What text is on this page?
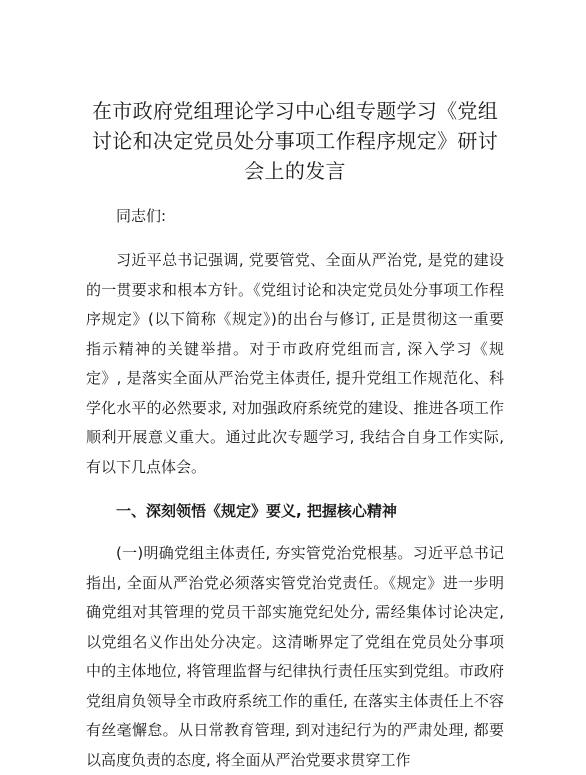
在市政府党组理论学习中心组专题学习《党组讨论和决定党员处分事项工作程序规定》研讨会上的发言

同志们:

习近平总书记强调, 党要管党、全面从严治党, 是党的建设的一贯要求和根本方针。《党组讨论和决定党员处分事项工作程序规定》(以下简称《规定》)的出台与修订, 正是贯彻这一重要指示精神的关键举措。对于市政府党组而言, 深入学习《规定》, 是落实全面从严治党主体责任, 提升党组工作规范化、科学化水平的必然要求, 对加强政府系统党的建设、推进各项工作顺利开展意义重大。通过此次专题学习, 我结合自身工作实际, 有以下几点体会。

一、深刻领悟《规定》要义, 把握核心精神

(一)明确党组主体责任, 夯实管党治党根基。习近平总书记指出, 全面从严治党必须落实管党治党责任。《规定》进一步明确党组对其管理的党员干部实施党纪处分, 需经集体讨论决定, 以党组名义作出处分决定。这清晰界定了党组在党员处分事项中的主体地位, 将管理监督与纪律执行责任压实到党组。市政府党组肩负领导全市政府系统工作的重任, 在落实主体责任上不容有丝毫懈怠。从日常教育管理, 到对违纪行为的严肃处理, 都要以高度负责的态度, 将全面从严治党要求贯穿工作
